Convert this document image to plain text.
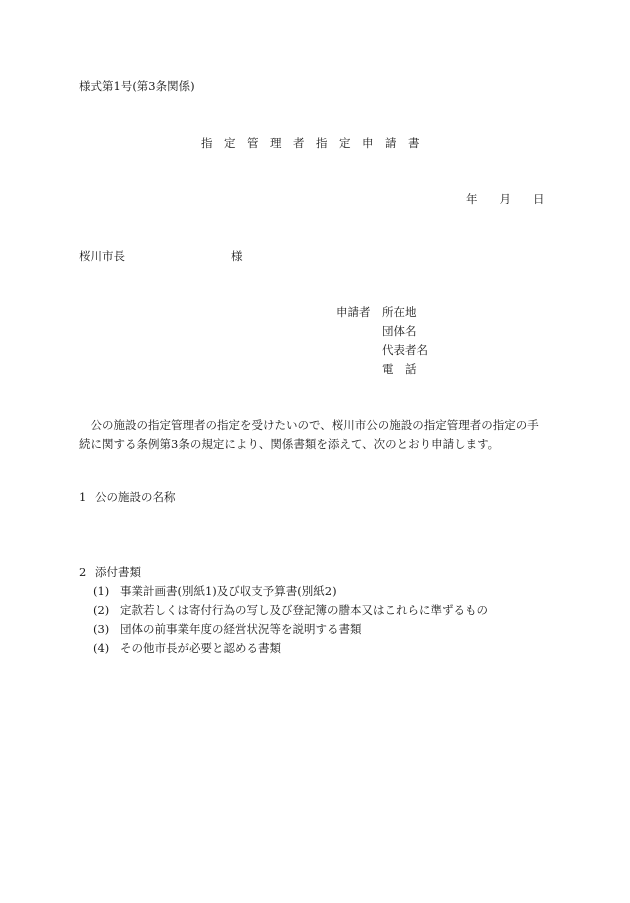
様式第1号(第3条関係)
指定管理者指定申請書
年 月 日
桜川市長	様
申請者 所在地
団体名
代表者名
電話
公の施設の指定管理者の指定を受けたいので、桜川市公の施設の指定管理者の指定の手続に関する条例第3条の規定により、関係書類を添えて、次のとおり申請します。
1 公の施設の名称
2 添付書類
(1) 事業計画書(別紙1)及び収支予算書(別紙2)
(2) 定款若しくは寄付行為の写し及び登記簿の謄本又はこれらに準ずるもの
(3) 団体の前事業年度の経営状況等を説明する書類
(4) その他市長が必要と認める書類
